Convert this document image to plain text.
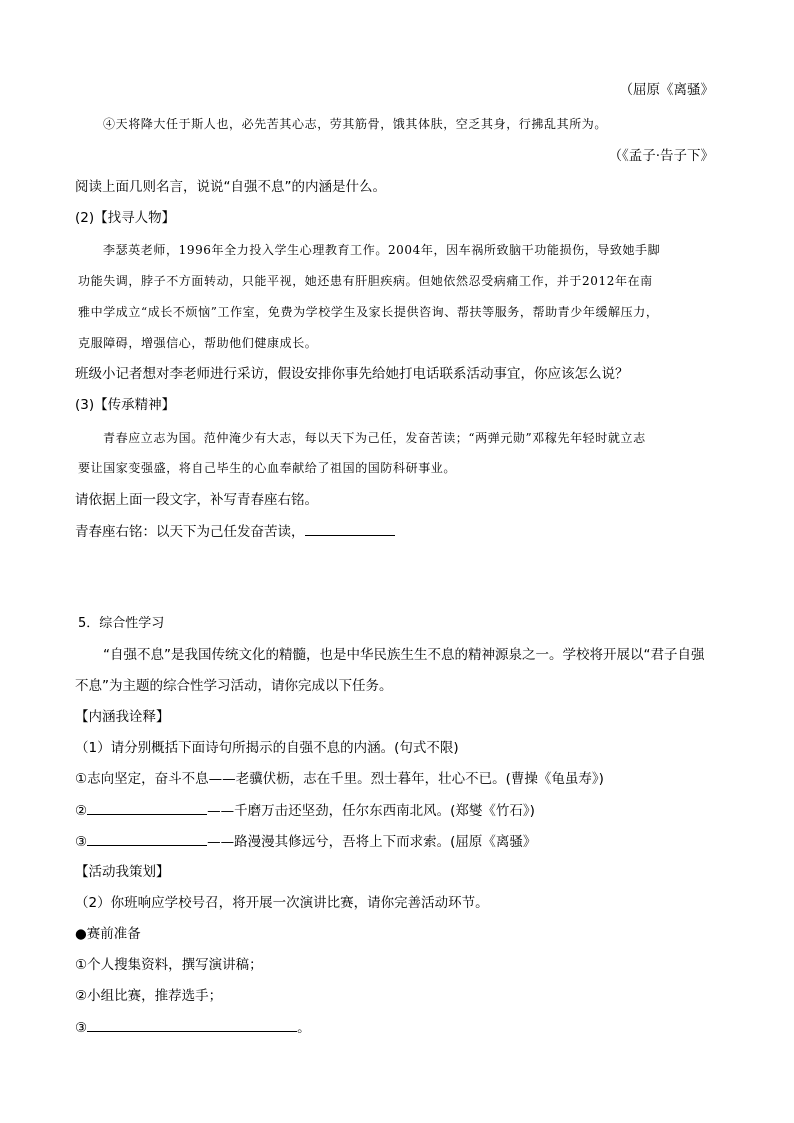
（屈原《离骚》
④天将降大任于斯人也，必先苦其心志，劳其筋骨，饿其体肤，空乏其身，行拂乱其所为。
（《孟子·告子下》
阅读上面几则名言，说说“自强不息”的内涵是什么。
(2)【找寻人物】
李瑟英老师，1996年全力投入学生心理教育工作。2004年，因车祸所致脑干功能损伤，导致她手脚
功能失调，脖子不方面转动，只能平视，她还患有肝胆疾病。但她依然忍受病痛工作，并于2012年在南
雅中学成立“成长不烦恼”工作室，免费为学校学生及家长提供咨询、帮扶等服务，帮助青少年缓解压力，
克服障碍，增强信心，帮助他们健康成长。
班级小记者想对李老师进行采访，假设安排你事先给她打电话联系活动事宜，你应该怎么说？
(3)【传承精神】
青春应立志为国。范仲淹少有大志，每以天下为己任，发奋苦读；“两弹元勋”邓稼先年轻时就立志
要让国家变强盛，将自己毕生的心血奉献给了祖国的国防科研事业。
请依据上面一段文字，补写青春座右铭。
青春座右铭：以天下为己任发奋苦读，
5．综合性学习
“自强不息”是我国传统文化的精髓，也是中华民族生生不息的精神源泉之一。学校将开展以“君子自强
不息”为主题的综合性学习活动，请你完成以下任务。
【内涵我诠释】
（1）请分别概括下面诗句所揭示的自强不息的内涵。(句式不限)
①志向坚定，奋斗不息——老骥伏枥，志在千里。烈士暮年，壮心不已。(曹操《龟虽寿》)
②	——千磨万击还坚劲，任尔东西南北风。(郑燮《竹石》)
③	——路漫漫其修远兮，吾将上下而求索。(屈原《离骚》
【活动我策划】
（2）你班响应学校号召，将开展一次演讲比赛，请你完善活动环节。
●赛前准备
①个人搜集资料，撰写演讲稿；
②小组比赛，推荐选手；
③	。
